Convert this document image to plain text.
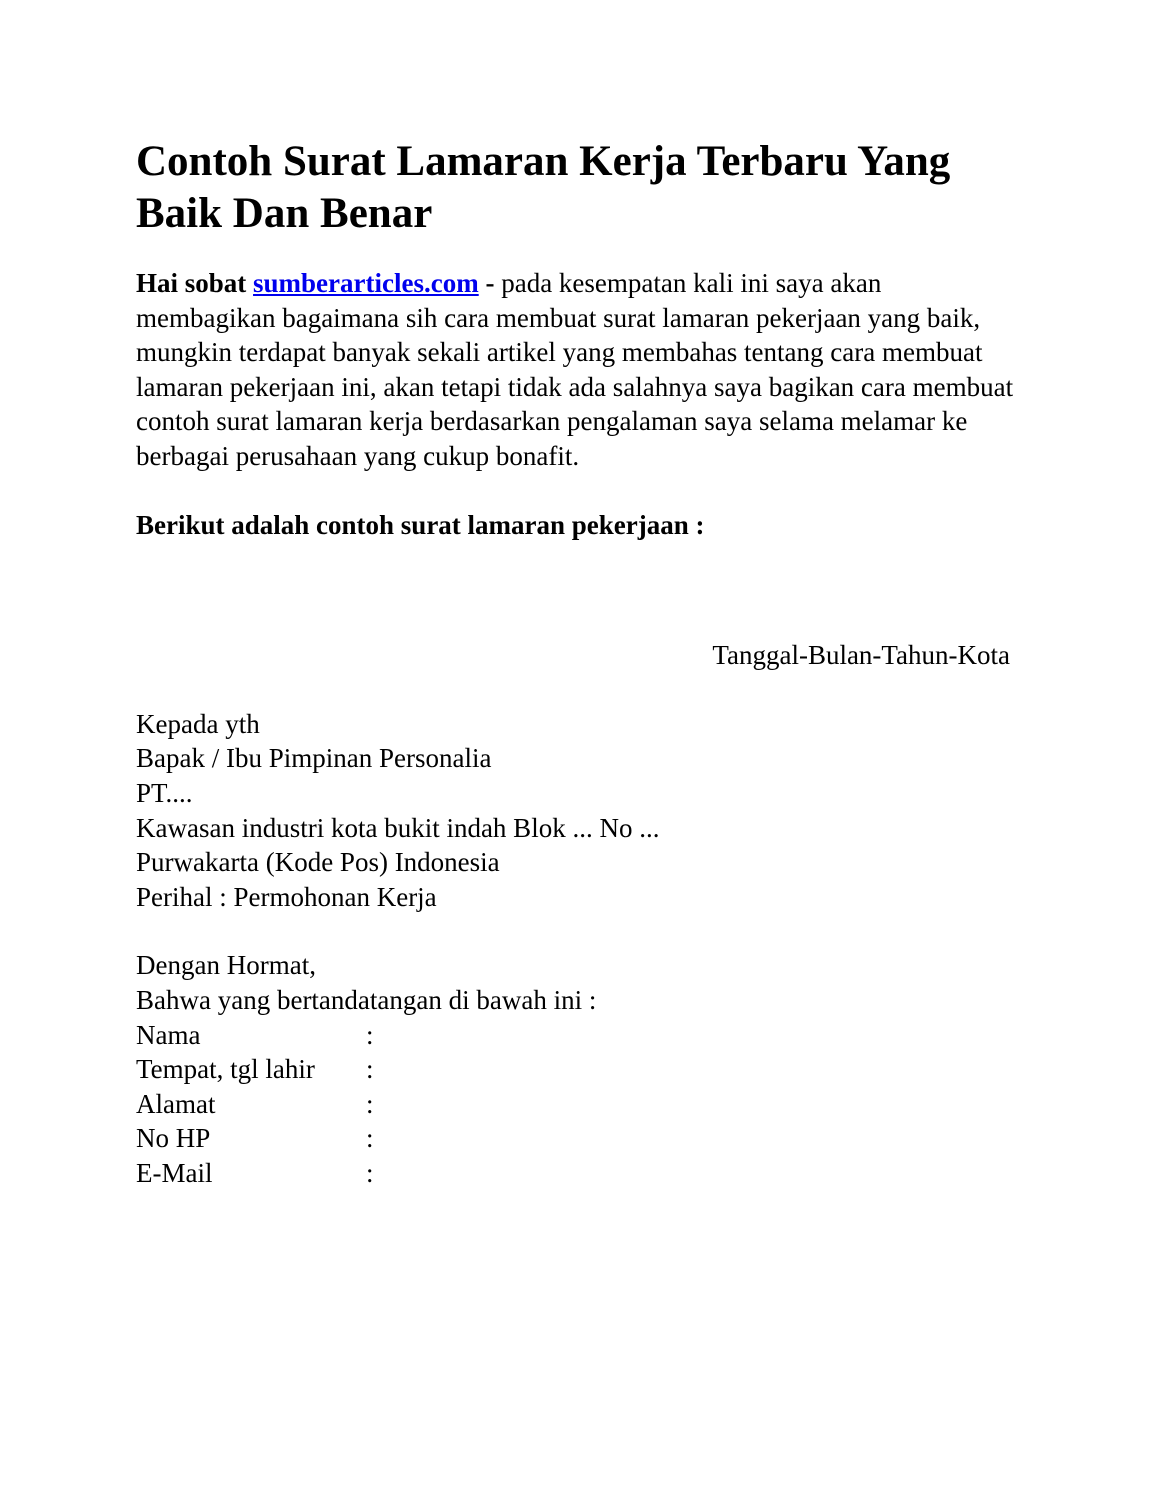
Contoh Surat Lamaran Kerja Terbaru Yang Baik Dan Benar
Hai sobat sumberarticles.com - pada kesempatan kali ini saya akan membagikan bagaimana sih cara membuat surat lamaran pekerjaan yang baik, mungkin terdapat banyak sekali artikel yang membahas tentang cara membuat lamaran pekerjaan ini, akan tetapi tidak ada salahnya saya bagikan cara membuat contoh surat lamaran kerja berdasarkan pengalaman saya selama melamar ke berbagai perusahaan yang cukup bonafit.
Berikut adalah contoh surat lamaran pekerjaan :
Tanggal-Bulan-Tahun-Kota
Kepada yth
Bapak / Ibu Pimpinan Personalia
PT....
Kawasan industri kota bukit indah Blok ... No ...
Purwakarta (Kode Pos) Indonesia
Perihal : Permohonan Kerja
Dengan Hormat,
Bahwa yang bertandatangan di bawah ini :
Nama	:
Tempat, tgl lahir	:
Alamat	:
No HP	:
E-Mail	:
